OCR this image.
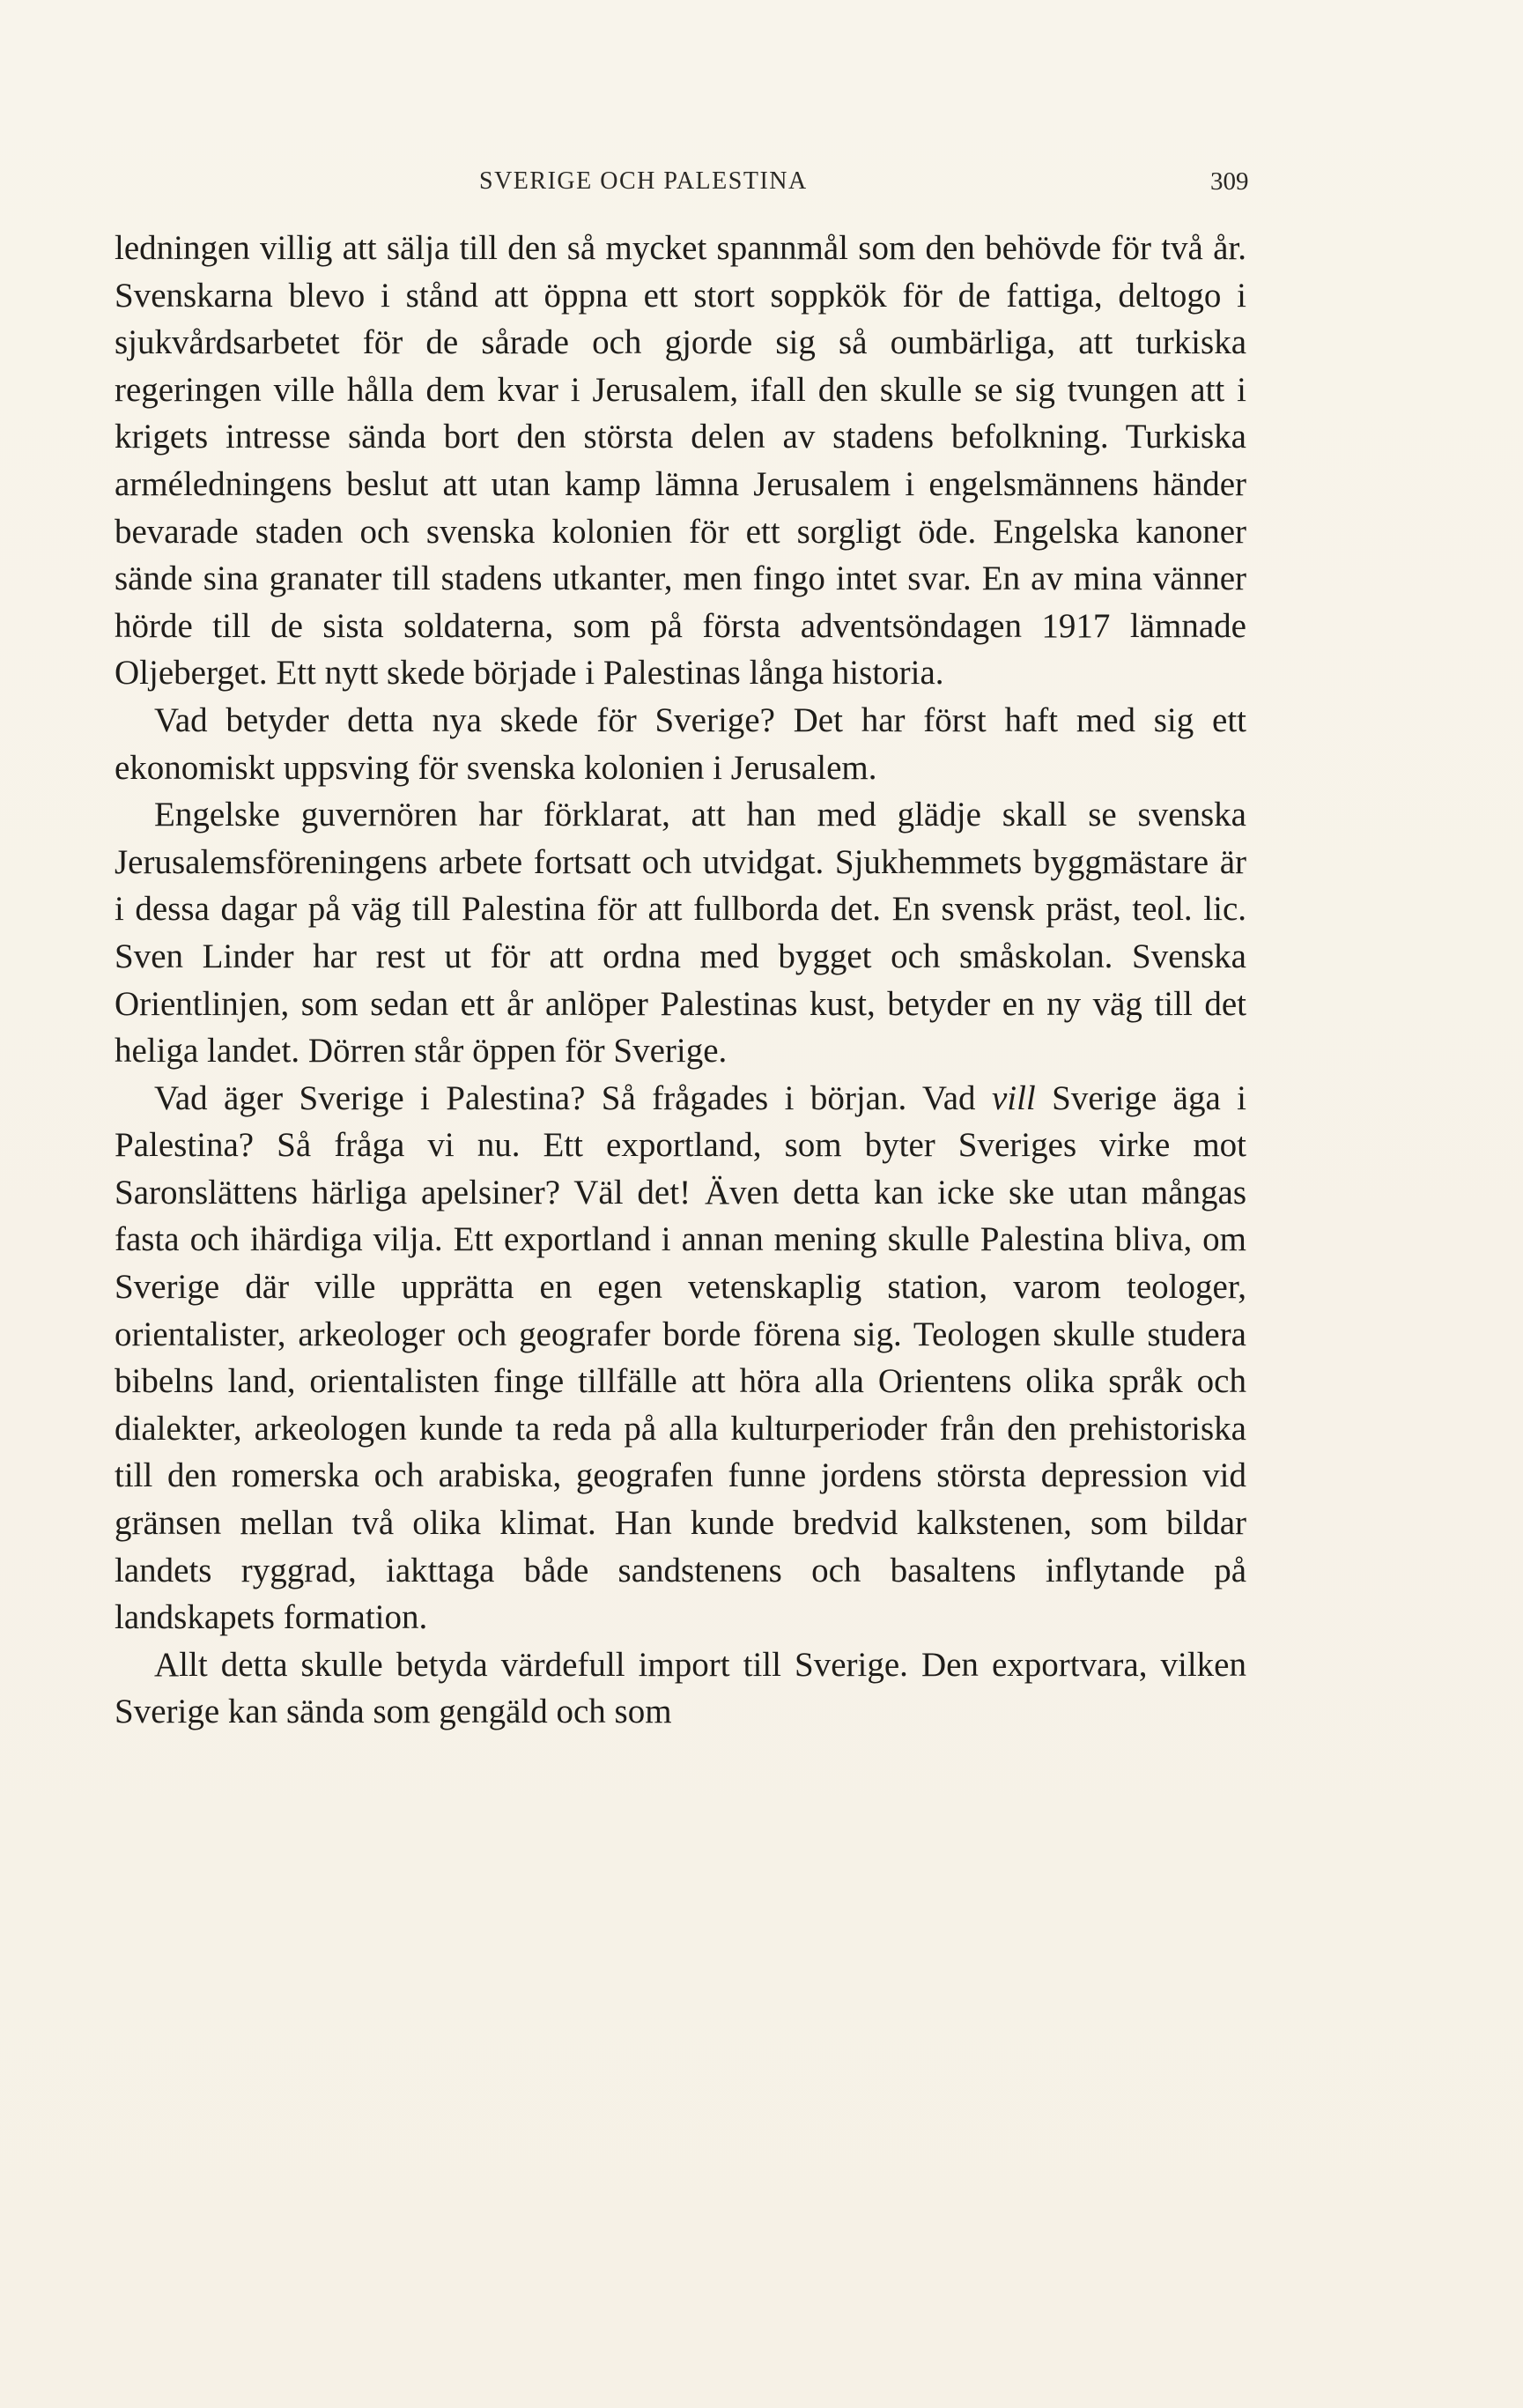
SVERIGE OCH PALESTINA	309

ledningen villig att sälja till den så mycket spannmål som den behövde för två år. Svenskarna blevo i stånd att öppna ett stort soppkök för de fattiga, deltogo i sjukvårdsarbetet för de sårade och gjorde sig så oumbärliga, att turkiska regeringen ville hålla dem kvar i Jerusalem, ifall den skulle se sig tvungen att i krigets intresse sända bort den största delen av stadens befolkning. Turkiska arméledningens beslut att utan kamp lämna Jerusalem i engelsmännens händer bevarade staden och svenska kolonien för ett sorgligt öde. Engelska kanoner sände sina granater till stadens utkanter, men fingo intet svar. En av mina vänner hörde till de sista soldaterna, som på första adventsöndagen 1917 lämnade Oljeberget. Ett nytt skede började i Palestinas långa historia.

Vad betyder detta nya skede för Sverige? Det har först haft med sig ett ekonomiskt uppsving för svenska kolonien i Jerusalem.

Engelske guvernören har förklarat, att han med glädje skall se svenska Jerusalemsföreningens arbete fortsatt och utvidgat. Sjukhemmets byggmästare är i dessa dagar på väg till Palestina för att fullborda det. En svensk präst, teol. lic. Sven Linder har rest ut för att ordna med bygget och småskolan. Svenska Orientlinjen, som sedan ett år anlöper Palestinas kust, betyder en ny väg till det heliga landet. Dörren står öppen för Sverige.

Vad äger Sverige i Palestina? Så frågades i början. Vad vill Sverige äga i Palestina? Så fråga vi nu. Ett exportland, som byter Sveriges virke mot Saronslättens härliga apelsiner? Väl det! Även detta kan icke ske utan mångas fasta och ihärdiga vilja. Ett exportland i annan mening skulle Palestina bliva, om Sverige där ville upprätta en egen vetenskaplig station, varom teologer, orientalister, arkeologer och geografer borde förena sig. Teologen skulle studera bibelns land, orientalisten finge tillfälle att höra alla Orientens olika språk och dialekter, arkeologen kunde ta reda på alla kulturperioder från den prehistoriska till den romerska och arabiska, geografen funne jordens största depression vid gränsen mellan två olika klimat. Han kunde bredvid kalkstenen, som bildar landets ryggrad, iakttaga både sandstenens och basaltens inflytande på landskapets formation.

Allt detta skulle betyda värdefull import till Sverige. Den exportvara, vilken Sverige kan sända som gengäld och som
